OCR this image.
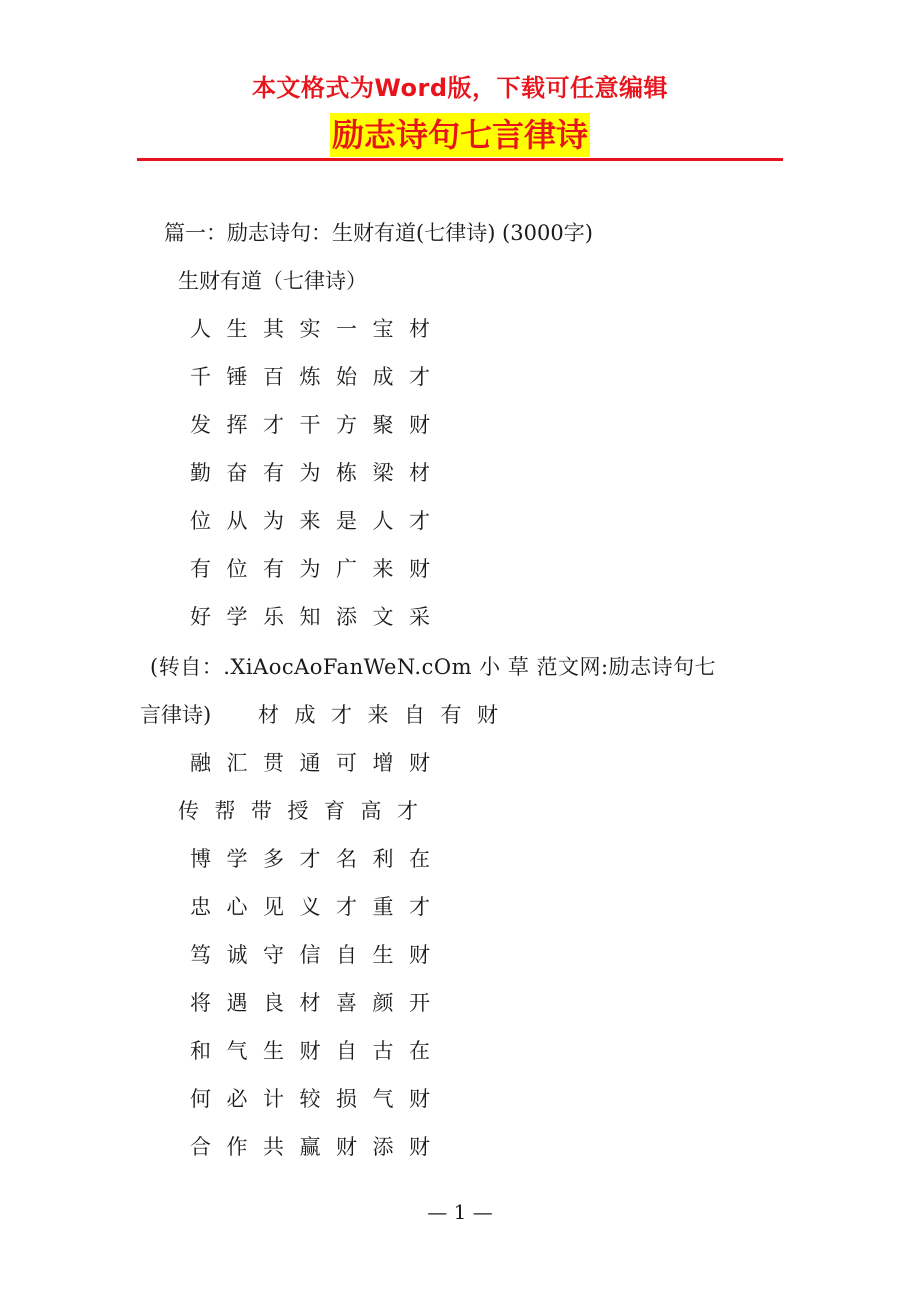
本文格式为Word版，下载可任意编辑
励志诗句七言律诗
篇一：励志诗句：生财有道(七律诗) (3000字)
生财有道（七律诗）
人生其实一宝材
千锤百炼始成才
发挥才干方聚财
勤奋有为栋梁材
位从为来是人才
有位有为广来财
好学乐知添文采
(转自：.XiAocAoFanWeN.cOm 小 草 范文网:励志诗句七
言律诗) 材成才来自有财
融汇贯通可增财
传帮带授育高才
博学多才名利在
忠心见义才重才
笃诚守信自生财
将遇良材喜颜开
和气生财自古在
何必计较损气财
合作共赢财添财
— 1 —
